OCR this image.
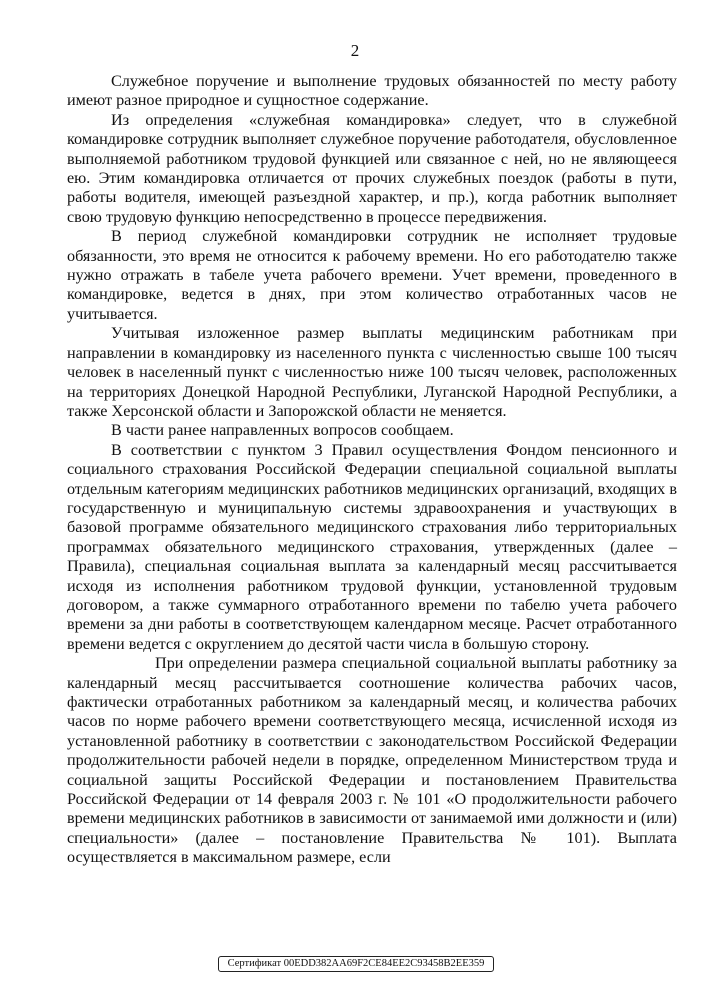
2

Служебное поручение и выполнение трудовых обязанностей по месту работу имеют разное природное и сущностное содержание.

Из определения «служебная командировка» следует, что в служебной командировке сотрудник выполняет служебное поручение работодателя, обусловленное выполняемой работником трудовой функцией или связанное с ней, но не являющееся ею. Этим командировка отличается от прочих служебных поездок (работы в пути, работы водителя, имеющей разъездной характер, и пр.), когда работник выполняет свою трудовую функцию непосредственно в процессе передвижения.

В период служебной командировки сотрудник не исполняет трудовые обязанности, это время не относится к рабочему времени. Но его работодателю также нужно отражать в табеле учета рабочего времени. Учет времени, проведенного в командировке, ведется в днях, при этом количество отработанных часов не учитывается.

Учитывая изложенное размер выплаты медицинским работникам при направлении в командировку из населенного пункта с численностью свыше 100 тысяч человек в населенный пункт с численностью ниже 100 тысяч человек, расположенных на территориях Донецкой Народной Республики, Луганской Народной Республики, а также Херсонской области и Запорожской области не меняется.

В части ранее направленных вопросов сообщаем.

В соответствии с пунктом 3 Правил осуществления Фондом пенсионного и социального страхования Российской Федерации специальной социальной выплаты отдельным категориям медицинских работников медицинских организаций, входящих в государственную и муниципальную системы здравоохранения и участвующих в базовой программе обязательного медицинского страхования либо территориальных программах обязательного медицинского страхования, утвержденных (далее – Правила), специальная социальная выплата за календарный месяц рассчитывается исходя из исполнения работником трудовой функции, установленной трудовым договором, а также суммарного отработанного времени по табелю учета рабочего времени за дни работы в соответствующем календарном месяце. Расчет отработанного времени ведется с округлением до десятой части числа в большую сторону.

При определении размера специальной социальной выплаты работнику за календарный месяц рассчитывается соотношение количества рабочих часов, фактически отработанных работником за календарный месяц, и количества рабочих часов по норме рабочего времени соответствующего месяца, исчисленной исходя из установленной работнику в соответствии с законодательством Российской Федерации продолжительности рабочей недели в порядке, определенном Министерством труда и социальной защиты Российской Федерации и постановлением Правительства Российской Федерации от 14 февраля 2003 г. № 101 «О продолжительности рабочего времени медицинских работников в зависимости от занимаемой ими должности и (или) специальности» (далее – постановление Правительства № 101). Выплата осуществляется в максимальном размере, если

Сертификат 00EDD382AA69F2CE84EE2C93458B2EE359
